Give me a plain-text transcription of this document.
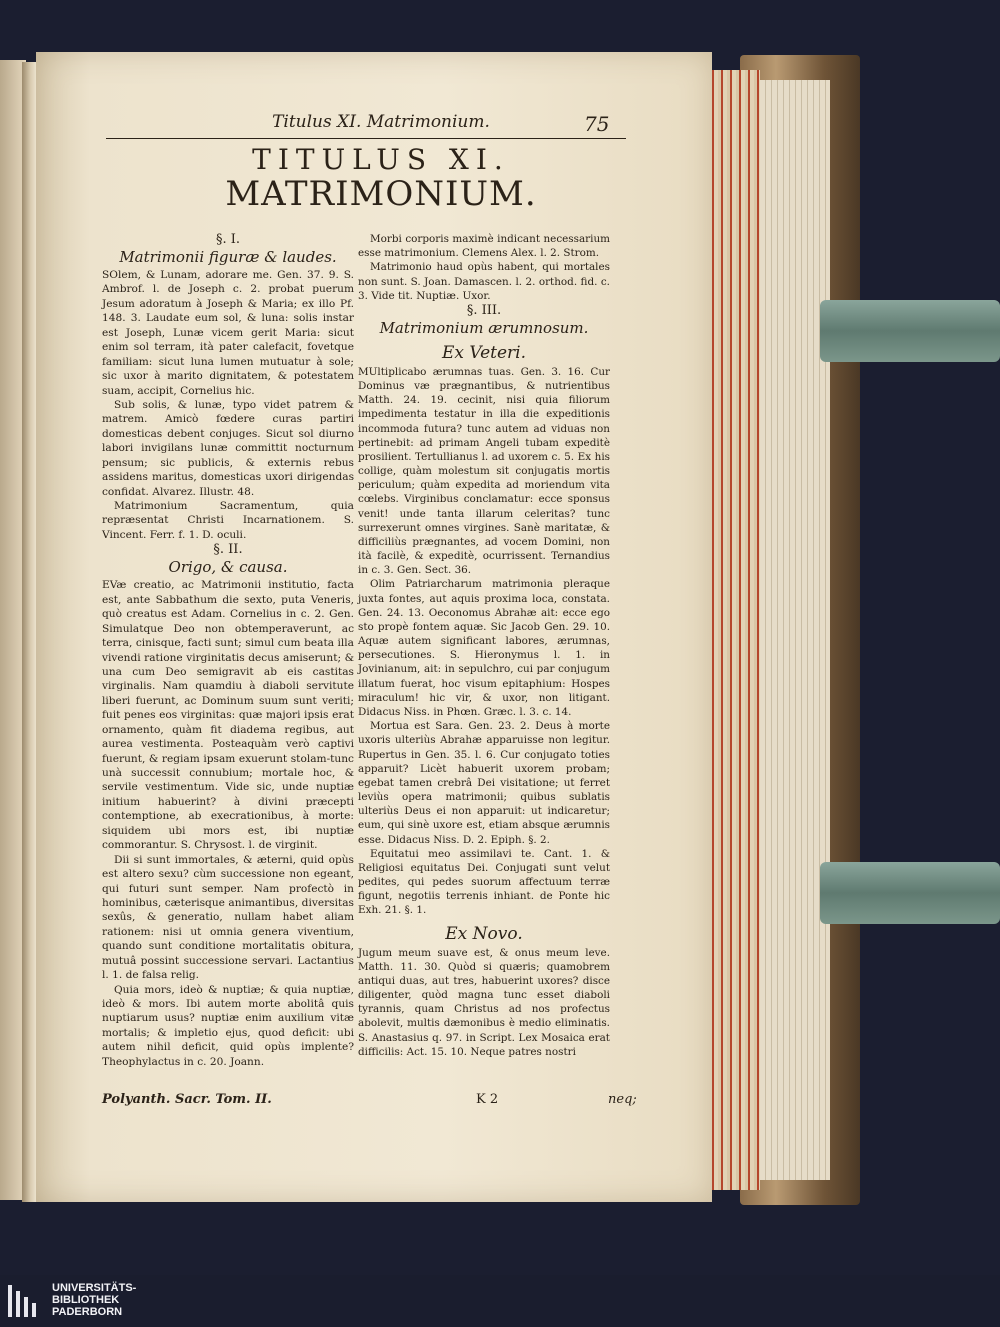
Titulus XI. Matrimonium.	75
TITULUS XI.
MATRIMONIUM.

§. I.

Matrimonii figuræ & laudes.

SOlem, & Lunam, adorare me. Gen. 37. 9. S. Ambrof. l. de Joseph c. 2. probat puerum Jesum adoratum à Joseph & Maria; ex illo Pf. 148. 3. Laudate eum sol, & luna: solis instar est Joseph, Lunæ vicem gerit Maria: sicut enim sol terram, ità pater calefacit, fovetque familiam: sicut luna lumen mutuatur à sole; sic uxor à marito dignitatem, & potestatem suam, accipit, Cornelius hic.

Sub solis, & lunæ, typo videt patrem & matrem. Amicò fœdere curas partiri domesticas debent conjuges. Sicut sol diurno labori invigilans lunæ committit nocturnum pensum; sic publicis, & externis rebus assidens maritus, domesticas uxori dirigendas confidat. Alvarez. Illustr. 48.

Matrimonium Sacramentum, quia repræsentat Christi Incarnationem. S. Vincent. Ferr. f. 1. D. oculi.

§. II.

Origo, & causa.

EVæ creatio, ac Matrimonii institutio, facta est, ante Sabbathum die sexto, puta Veneris, quò creatus est Adam. Cornelius in c. 2. Gen. Simulatque Deo non obtemperaverunt, ac terra, cinisque, facti sunt; simul cum beata illa vivendi ratione virginitatis decus amiserunt; & una cum Deo semigravit ab eis castitas virginalis. Nam quamdiu à diaboli servitute liberi fuerunt, ac Dominum suum sunt veriti; fuit penes eos virginitas: quæ majori ipsis erat ornamento, quàm fit diadema regibus, aut aurea vestimenta. Posteaquàm verò captivi fuerunt, & regiam ipsam exuerunt stolam-tunc unà successit connubium; mortale hoc, & servile vestimentum. Vide sic, unde nuptiæ initium habuerint? à divini præcepti contemptione, ab execrationibus, à morte: siquidem ubi mors est, ibi nuptiæ commorantur. S. Chrysost. l. de virginit.

Dii si sunt immortales, & æterni, quid opùs est altero sexu? cùm successione non egeant, qui futuri sunt semper. Nam profectò in hominibus, cæterisque animantibus, diversitas sexûs, & generatio, nullam habet aliam rationem: nisi ut omnia genera viventium, quando sunt conditione mortalitatis obitura, mutuâ possint successione servari. Lactantius l. 1. de falsa relig.

Quia mors, ideò & nuptiæ; & quia nuptiæ, ideò & mors. Ibi autem morte abolitâ quis nuptiarum usus? nuptiæ enim auxilium vitæ mortalis; & impletio ejus, quod deficit: ubi autem nihil deficit, quid opùs implente? Theophylactus in c. 20. Joann.

Morbi corporis maximè indicant necessarium esse matrimonium. Clemens Alex. l. 2. Strom.

Matrimonio haud opùs habent, qui mortales non sunt. S. Joan. Damascen. l. 2. orthod. fid. c. 3. Vide tit. Nuptiæ. Uxor.

§. III.

Matrimonium ærumnosum.

Ex Veteri.

MUltiplicabo ærumnas tuas. Gen. 3. 16. Cur Dominus væ prægnantibus, & nutrientibus Matth. 24. 19. cecinit, nisi quia filiorum impedimenta testatur in illa die expeditionis incommoda futura? tunc autem ad viduas non pertinebit: ad primam Angeli tubam expeditè prosilient. Tertullianus l. ad uxorem c. 5. Ex his collige, quàm molestum sit conjugatis mortis periculum; quàm expedita ad moriendum vita cœlebs. Virginibus conclamatur: ecce sponsus venit! unde tanta illarum celeritas? tunc surrexerunt omnes virgines. Sanè maritatæ, & difficiliùs prægnantes, ad vocem Domini, non ità facilè, & expeditè, ocurrissent. Ternandius in c. 3. Gen. Sect. 36.

Olim Patriarcharum matrimonia pleraque juxta fontes, aut aquis proxima loca, constata. Gen. 24. 13. Oeconomus Abrahæ ait: ecce ego sto propè fontem aquæ. Sic Jacob Gen. 29. 10. Aquæ autem significant labores, ærumnas, persecutiones. S. Hieronymus l. 1. in Jovinianum, ait: in sepulchro, cui par conjugum illatum fuerat, hoc visum epitaphium: Hospes miraculum! hic vir, & uxor, non litigant. Didacus Niss. in Phœn. Græc. l. 3. c. 14.

Mortua est Sara. Gen. 23. 2. Deus à morte uxoris ulteriùs Abrahæ apparuisse non legitur. Rupertus in Gen. 35. l. 6. Cur conjugato toties apparuit? Licèt habuerit uxorem probam; egebat tamen crebrâ Dei visitatione; ut ferret leviùs opera matrimonii; quibus sublatis ulteriùs Deus ei non apparuit: ut indicaretur; eum, qui sinè uxore est, etiam absque ærumnis esse. Didacus Niss. D. 2. Epiph. §. 2.

Equitatui meo assimilavi te. Cant. 1. & Religiosi equitatus Dei. Conjugati sunt velut pedites, qui pedes suorum affectuum terræ figunt, negotiis terrenis inhiant. de Ponte hic Exh. 21. §. 1.

Ex Novo.

Jugum meum suave est, & onus meum leve. Matth. 11. 30. Quòd si quæris; quamobrem antiqui duas, aut tres, habuerint uxores? disce diligenter, quòd magna tunc esset diaboli tyrannis, quam Christus ad nos profectus abolevit, multis dæmonibus è medio eliminatis. S. Anastasius q. 97. in Script. Lex Mosaica erat difficilis: Act. 15. 10. Neque patres nostri

Polyanth. Sacr. Tom. II.	K 2	neq;
UNIVERSITÄTS-
BIBLIOTHEK
PADERBORN
